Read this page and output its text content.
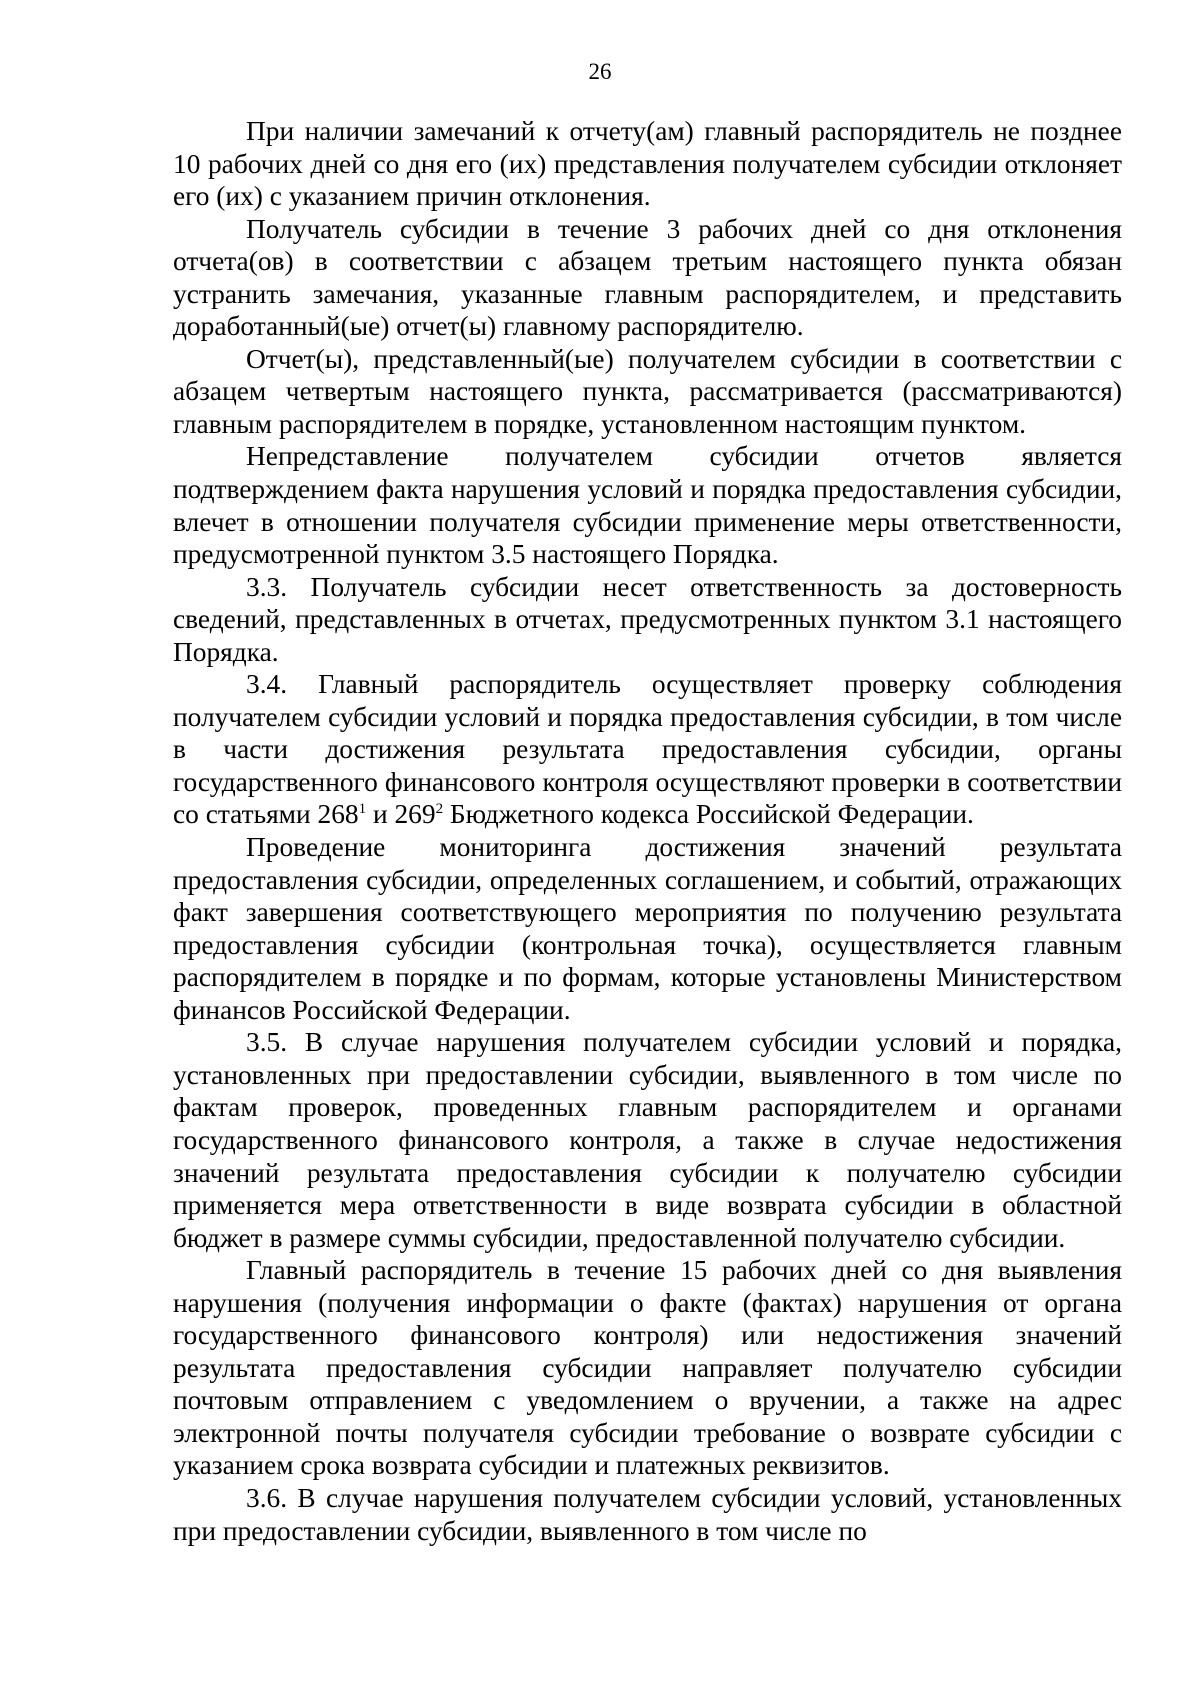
26

При наличии замечаний к отчету(ам) главный распорядитель не позднее 10 рабочих дней со дня его (их) представления получателем субсидии отклоняет его (их) с указанием причин отклонения.

Получатель субсидии в течение 3 рабочих дней со дня отклонения отчета(ов) в соответствии с абзацем третьим настоящего пункта обязан устранить замечания, указанные главным распорядителем, и представить доработанный(ые) отчет(ы) главному распорядителю.

Отчет(ы), представленный(ые) получателем субсидии в соответствии с абзацем четвертым настоящего пункта, рассматривается (рассматриваются) главным распорядителем в порядке, установленном настоящим пунктом.

Непредставление получателем субсидии отчетов является подтверждением факта нарушения условий и порядка предоставления субсидии, влечет в отношении получателя субсидии применение меры ответственности, предусмотренной пунктом 3.5 настоящего Порядка.

3.3. Получатель субсидии несет ответственность за достоверность сведений, представленных в отчетах, предусмотренных пунктом 3.1 настоящего Порядка.

3.4. Главный распорядитель осуществляет проверку соблюдения получателем субсидии условий и порядка предоставления субсидии, в том числе в части достижения результата предоставления субсидии, органы государственного финансового контроля осуществляют проверки в соответствии со статьями $268^1$ и $269^2$ Бюджетного кодекса Российской Федерации.

Проведение мониторинга достижения значений результата предоставления субсидии, определенных соглашением, и событий, отражающих факт завершения соответствующего мероприятия по получению результата предоставления субсидии (контрольная точка), осуществляется главным распорядителем в порядке и по формам, которые установлены Министерством финансов Российской Федерации.

3.5. В случае нарушения получателем субсидии условий и порядка, установленных при предоставлении субсидии, выявленного в том числе по фактам проверок, проведенных главным распорядителем и органами государственного финансового контроля, а также в случае недостижения значений результата предоставления субсидии к получателю субсидии применяется мера ответственности в виде возврата субсидии в областной бюджет в размере суммы субсидии, предоставленной получателю субсидии.

Главный распорядитель в течение 15 рабочих дней со дня выявления нарушения (получения информации о факте (фактах) нарушения от органа государственного финансового контроля) или недостижения значений результата предоставления субсидии направляет получателю субсидии почтовым отправлением с уведомлением о вручении, а также на адрес электронной почты получателя субсидии требование о возврате субсидии с указанием срока возврата субсидии и платежных реквизитов.

3.6. В случае нарушения получателем субсидии условий, установленных при предоставлении субсидии, выявленного в том числе по
